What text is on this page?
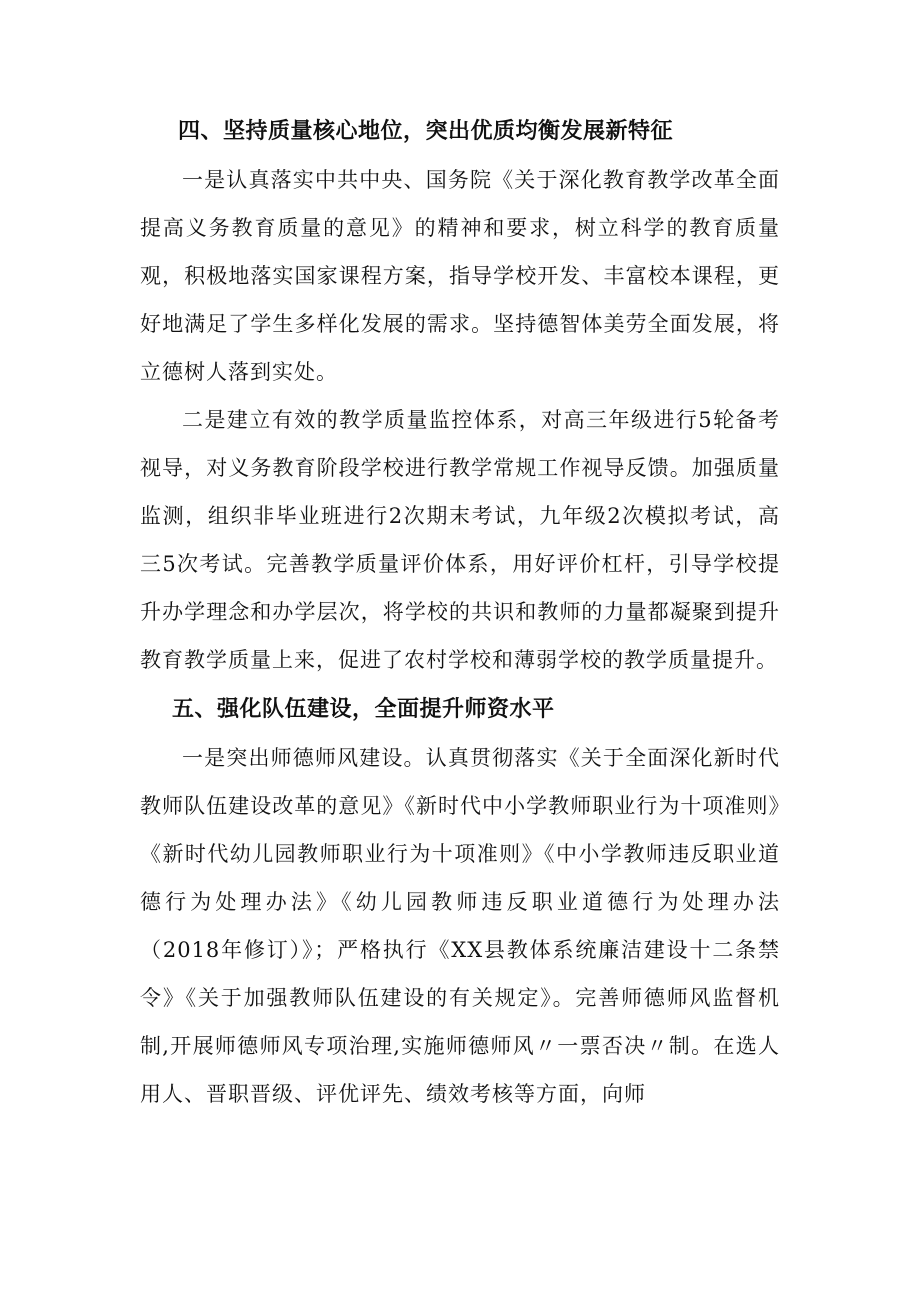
四、坚持质量核心地位，突出优质均衡发展新特征

一是认真落实中共中央、国务院《关于深化教育教学改革全面提高义务教育质量的意见》的精神和要求，树立科学的教育质量观，积极地落实国家课程方案，指导学校开发、丰富校本课程，更好地满足了学生多样化发展的需求。坚持德智体美劳全面发展，将立德树人落到实处。

二是建立有效的教学质量监控体系，对高三年级进行5轮备考视导，对义务教育阶段学校进行教学常规工作视导反馈。加强质量监测，组织非毕业班进行2次期末考试，九年级2次模拟考试，高三5次考试。完善教学质量评价体系，用好评价杠杆，引导学校提升办学理念和办学层次，将学校的共识和教师的力量都凝聚到提升教育教学质量上来，促进了农村学校和薄弱学校的教学质量提升。

五、强化队伍建设，全面提升师资水平

一是突出师德师风建设。认真贯彻落实《关于全面深化新时代教师队伍建设改革的意见》《新时代中小学教师职业行为十项准则》《新时代幼儿园教师职业行为十项准则》《中小学教师违反职业道德行为处理办法》《幼儿园教师违反职业道德行为处理办法（2018年修订）》；严格执行《XX县教体系统廉洁建设十二条禁令》《关于加强教师队伍建设的有关规定》。完善师德师风监督机制,开展师德师风专项治理,实施师德师风〃一票否决〃制。在选人用人、晋职晋级、评优评先、绩效考核等方面，向师
